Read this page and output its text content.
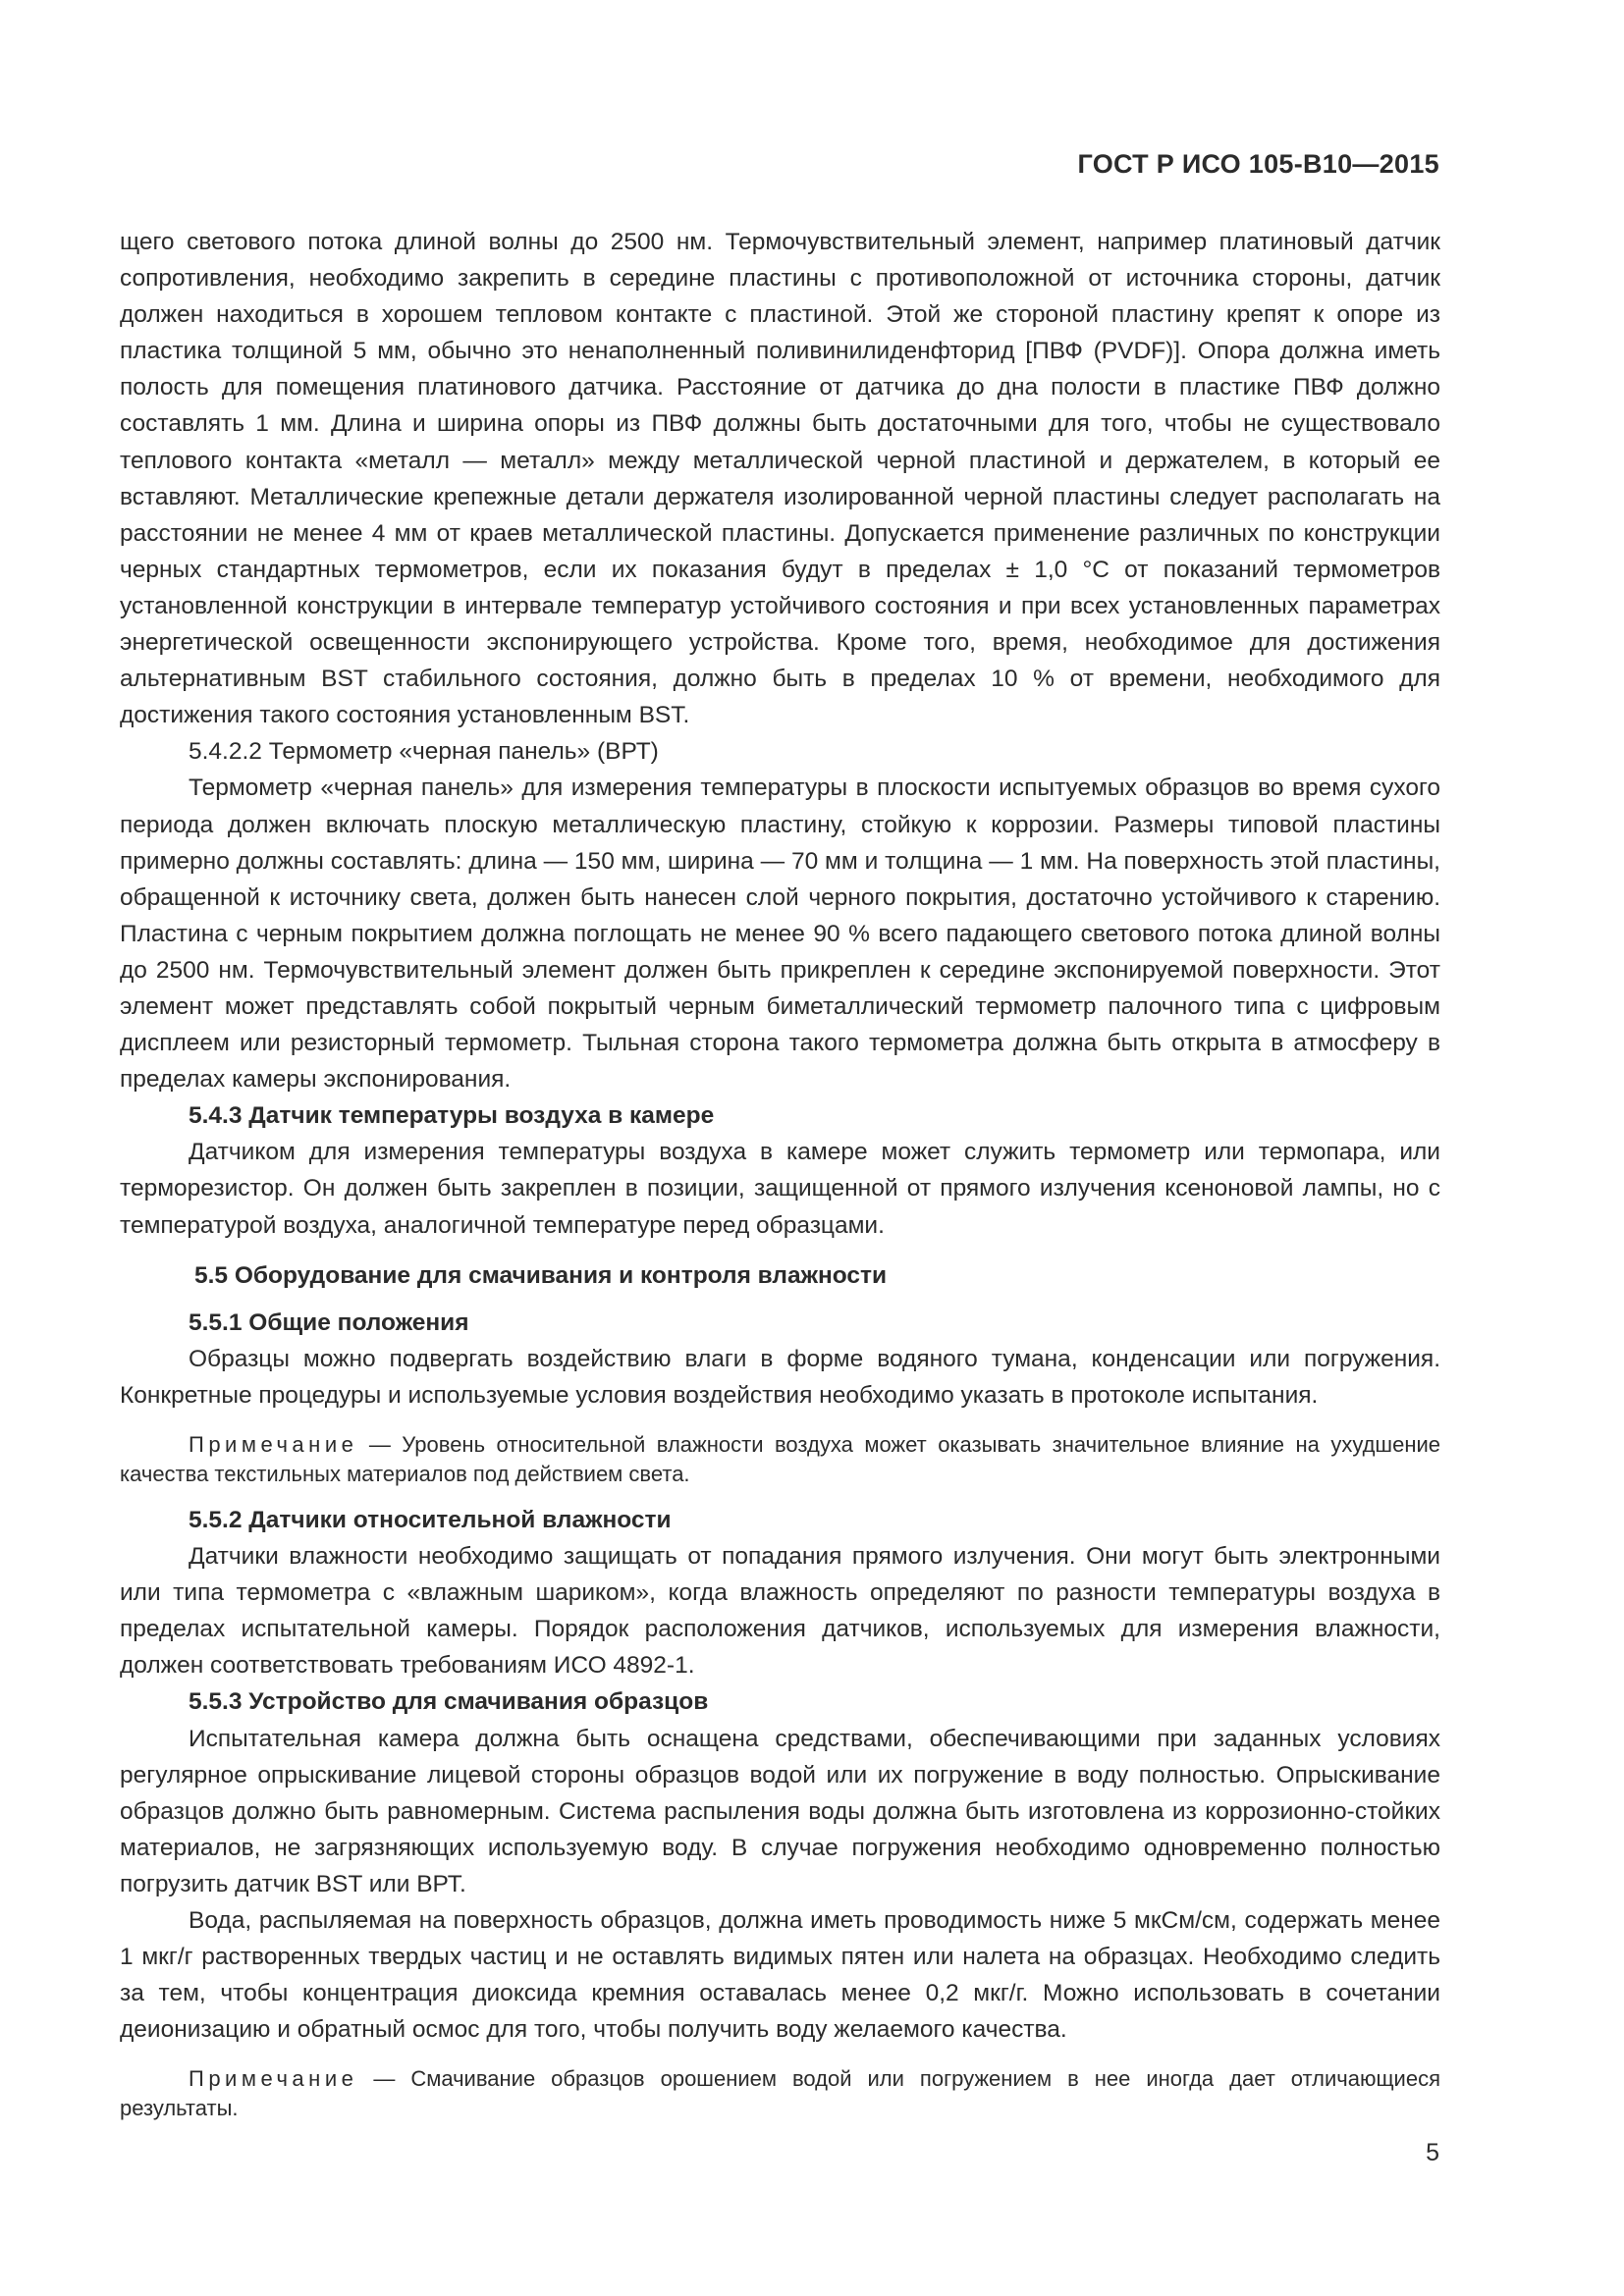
ГОСТ Р ИСО 105-В10—2015

щего светового потока длиной волны до 2500 нм. Термочувствительный элемент, например платиновый датчик сопротивления, необходимо закрепить в середине пластины с противоположной от источника стороны, датчик должен находиться в хорошем тепловом контакте с пластиной. Этой же стороной пластину крепят к опоре из пластика толщиной 5 мм, обычно это ненаполненный поливинилиденфторид [ПВФ (PVDF)]. Опора должна иметь полость для помещения платинового датчика. Расстояние от датчика до дна полости в пластике ПВФ должно составлять 1 мм. Длина и ширина опоры из ПВФ должны быть достаточными для того, чтобы не существовало теплового контакта «металл — металл» между металлической черной пластиной и держателем, в который ее вставляют. Металлические крепежные детали держателя изолированной черной пластины следует располагать на расстоянии не менее 4 мм от краев металлической пластины. Допускается применение различных по конструкции черных стандартных термометров, если их показания будут в пределах ± 1,0 °С от показаний термометров установленной конструкции в интервале температур устойчивого состояния и при всех установленных параметрах энергетической освещенности экспонирующего устройства. Кроме того, время, необходимое для достижения альтернативным BST стабильного состояния, должно быть в пределах 10 % от времени, необходимого для достижения такого состояния установленным BST.

5.4.2.2 Термометр «черная панель» (ВРТ)

Термометр «черная панель» для измерения температуры в плоскости испытуемых образцов во время сухого периода должен включать плоскую металлическую пластину, стойкую к коррозии. Размеры типовой пластины примерно должны составлять: длина — 150 мм, ширина — 70 мм и толщина — 1 мм. На поверхность этой пластины, обращенной к источнику света, должен быть нанесен слой черного покрытия, достаточно устойчивого к старению. Пластина с черным покрытием должна поглощать не менее 90 % всего падающего светового потока длиной волны до 2500 нм. Термочувствительный элемент должен быть прикреплен к середине экспонируемой поверхности. Этот элемент может представлять собой покрытый черным биметаллический термометр палочного типа с цифровым дисплеем или резисторный термометр. Тыльная сторона такого термометра должна быть открыта в атмосферу в пределах камеры экспонирования.

5.4.3 Датчик температуры воздуха в камере

Датчиком для измерения температуры воздуха в камере может служить термометр или термопара, или терморезистор. Он должен быть закреплен в позиции, защищенной от прямого излучения ксеноновой лампы, но с температурой воздуха, аналогичной температуре перед образцами.

5.5 Оборудование для смачивания и контроля влажности

5.5.1 Общие положения

Образцы можно подвергать воздействию влаги в форме водяного тумана, конденсации или погружения. Конкретные процедуры и используемые условия воздействия необходимо указать в протоколе испытания.

Примечание — Уровень относительной влажности воздуха может оказывать значительное влияние на ухудшение качества текстильных материалов под действием света.

5.5.2 Датчики относительной влажности

Датчики влажности необходимо защищать от попадания прямого излучения. Они могут быть электронными или типа термометра с «влажным шариком», когда влажность определяют по разности температуры воздуха в пределах испытательной камеры. Порядок расположения датчиков, используемых для измерения влажности, должен соответствовать требованиям ИСО 4892-1.

5.5.3 Устройство для смачивания образцов

Испытательная камера должна быть оснащена средствами, обеспечивающими при заданных условиях регулярное опрыскивание лицевой стороны образцов водой или их погружение в воду полностью. Опрыскивание образцов должно быть равномерным. Система распыления воды должна быть изготовлена из коррозионно-стойких материалов, не загрязняющих используемую воду. В случае погружения необходимо одновременно полностью погрузить датчик BST или ВРТ.

Вода, распыляемая на поверхность образцов, должна иметь проводимость ниже 5 мкСм/см, содержать менее 1 мкг/г растворенных твердых частиц и не оставлять видимых пятен или налета на образцах. Необходимо следить за тем, чтобы концентрация диоксида кремния оставалась менее 0,2 мкг/г. Можно использовать в сочетании деионизацию и обратный осмос для того, чтобы получить воду желаемого качества.

Примечание — Смачивание образцов орошением водой или погружением в нее иногда дает отличающиеся результаты.

5
